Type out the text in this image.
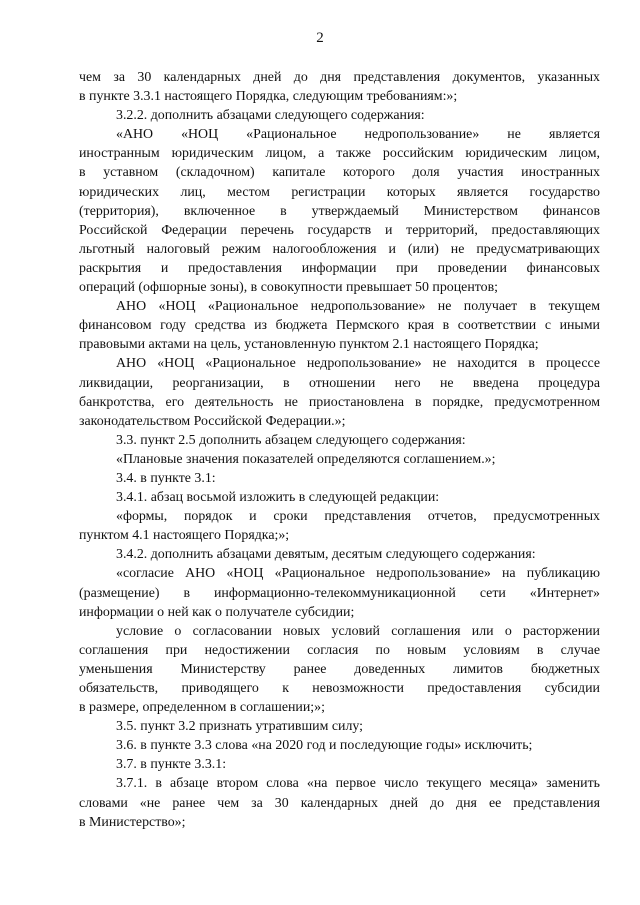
2
чем за 30 календарных дней до дня представления документов, указанных
в пункте 3.3.1 настоящего Порядка, следующим требованиям:»;
3.2.2. дополнить абзацами следующего содержания:
«АНО «НОЦ «Рациональное недропользование» не является
иностранным юридическим лицом, а также российским юридическим лицом,
в уставном (складочном) капитале которого доля участия иностранных
юридических лиц, местом регистрации которых является государство
(территория), включенное в утверждаемый Министерством финансов
Российской Федерации перечень государств и территорий, предоставляющих
льготный налоговый режим налогообложения и (или) не предусматривающих
раскрытия и предоставления информации при проведении финансовых
операций (офшорные зоны), в совокупности превышает 50 процентов;
АНО «НОЦ «Рациональное недропользование» не получает в текущем
финансовом году средства из бюджета Пермского края в соответствии с иными
правовыми актами на цель, установленную пунктом 2.1 настоящего Порядка;
АНО «НОЦ «Рациональное недропользование» не находится в процессе
ликвидации, реорганизации, в отношении него не введена процедура
банкротства, его деятельность не приостановлена в порядке, предусмотренном
законодательством Российской Федерации.»;
3.3. пункт 2.5 дополнить абзацем следующего содержания:
«Плановые значения показателей определяются соглашением.»;
3.4. в пункте 3.1:
3.4.1. абзац восьмой изложить в следующей редакции:
«формы, порядок и сроки представления отчетов, предусмотренных
пунктом 4.1 настоящего Порядка;»;
3.4.2. дополнить абзацами девятым, десятым следующего содержания:
«согласие АНО «НОЦ «Рациональное недропользование» на публикацию
(размещение) в информационно-телекоммуникационной сети «Интернет»
информации о ней как о получателе субсидии;
условие о согласовании новых условий соглашения или о расторжении
соглашения при недостижении согласия по новым условиям в случае
уменьшения Министерству ранее доведенных лимитов бюджетных
обязательств, приводящего к невозможности предоставления субсидии
в размере, определенном в соглашении;»;
3.5. пункт 3.2 признать утратившим силу;
3.6. в пункте 3.3 слова «на 2020 год и последующие годы» исключить;
3.7. в пункте 3.3.1:
3.7.1. в абзаце втором слова «на первое число текущего месяца» заменить
словами «не ранее чем за 30 календарных дней до дня ее представления
в Министерство»;
